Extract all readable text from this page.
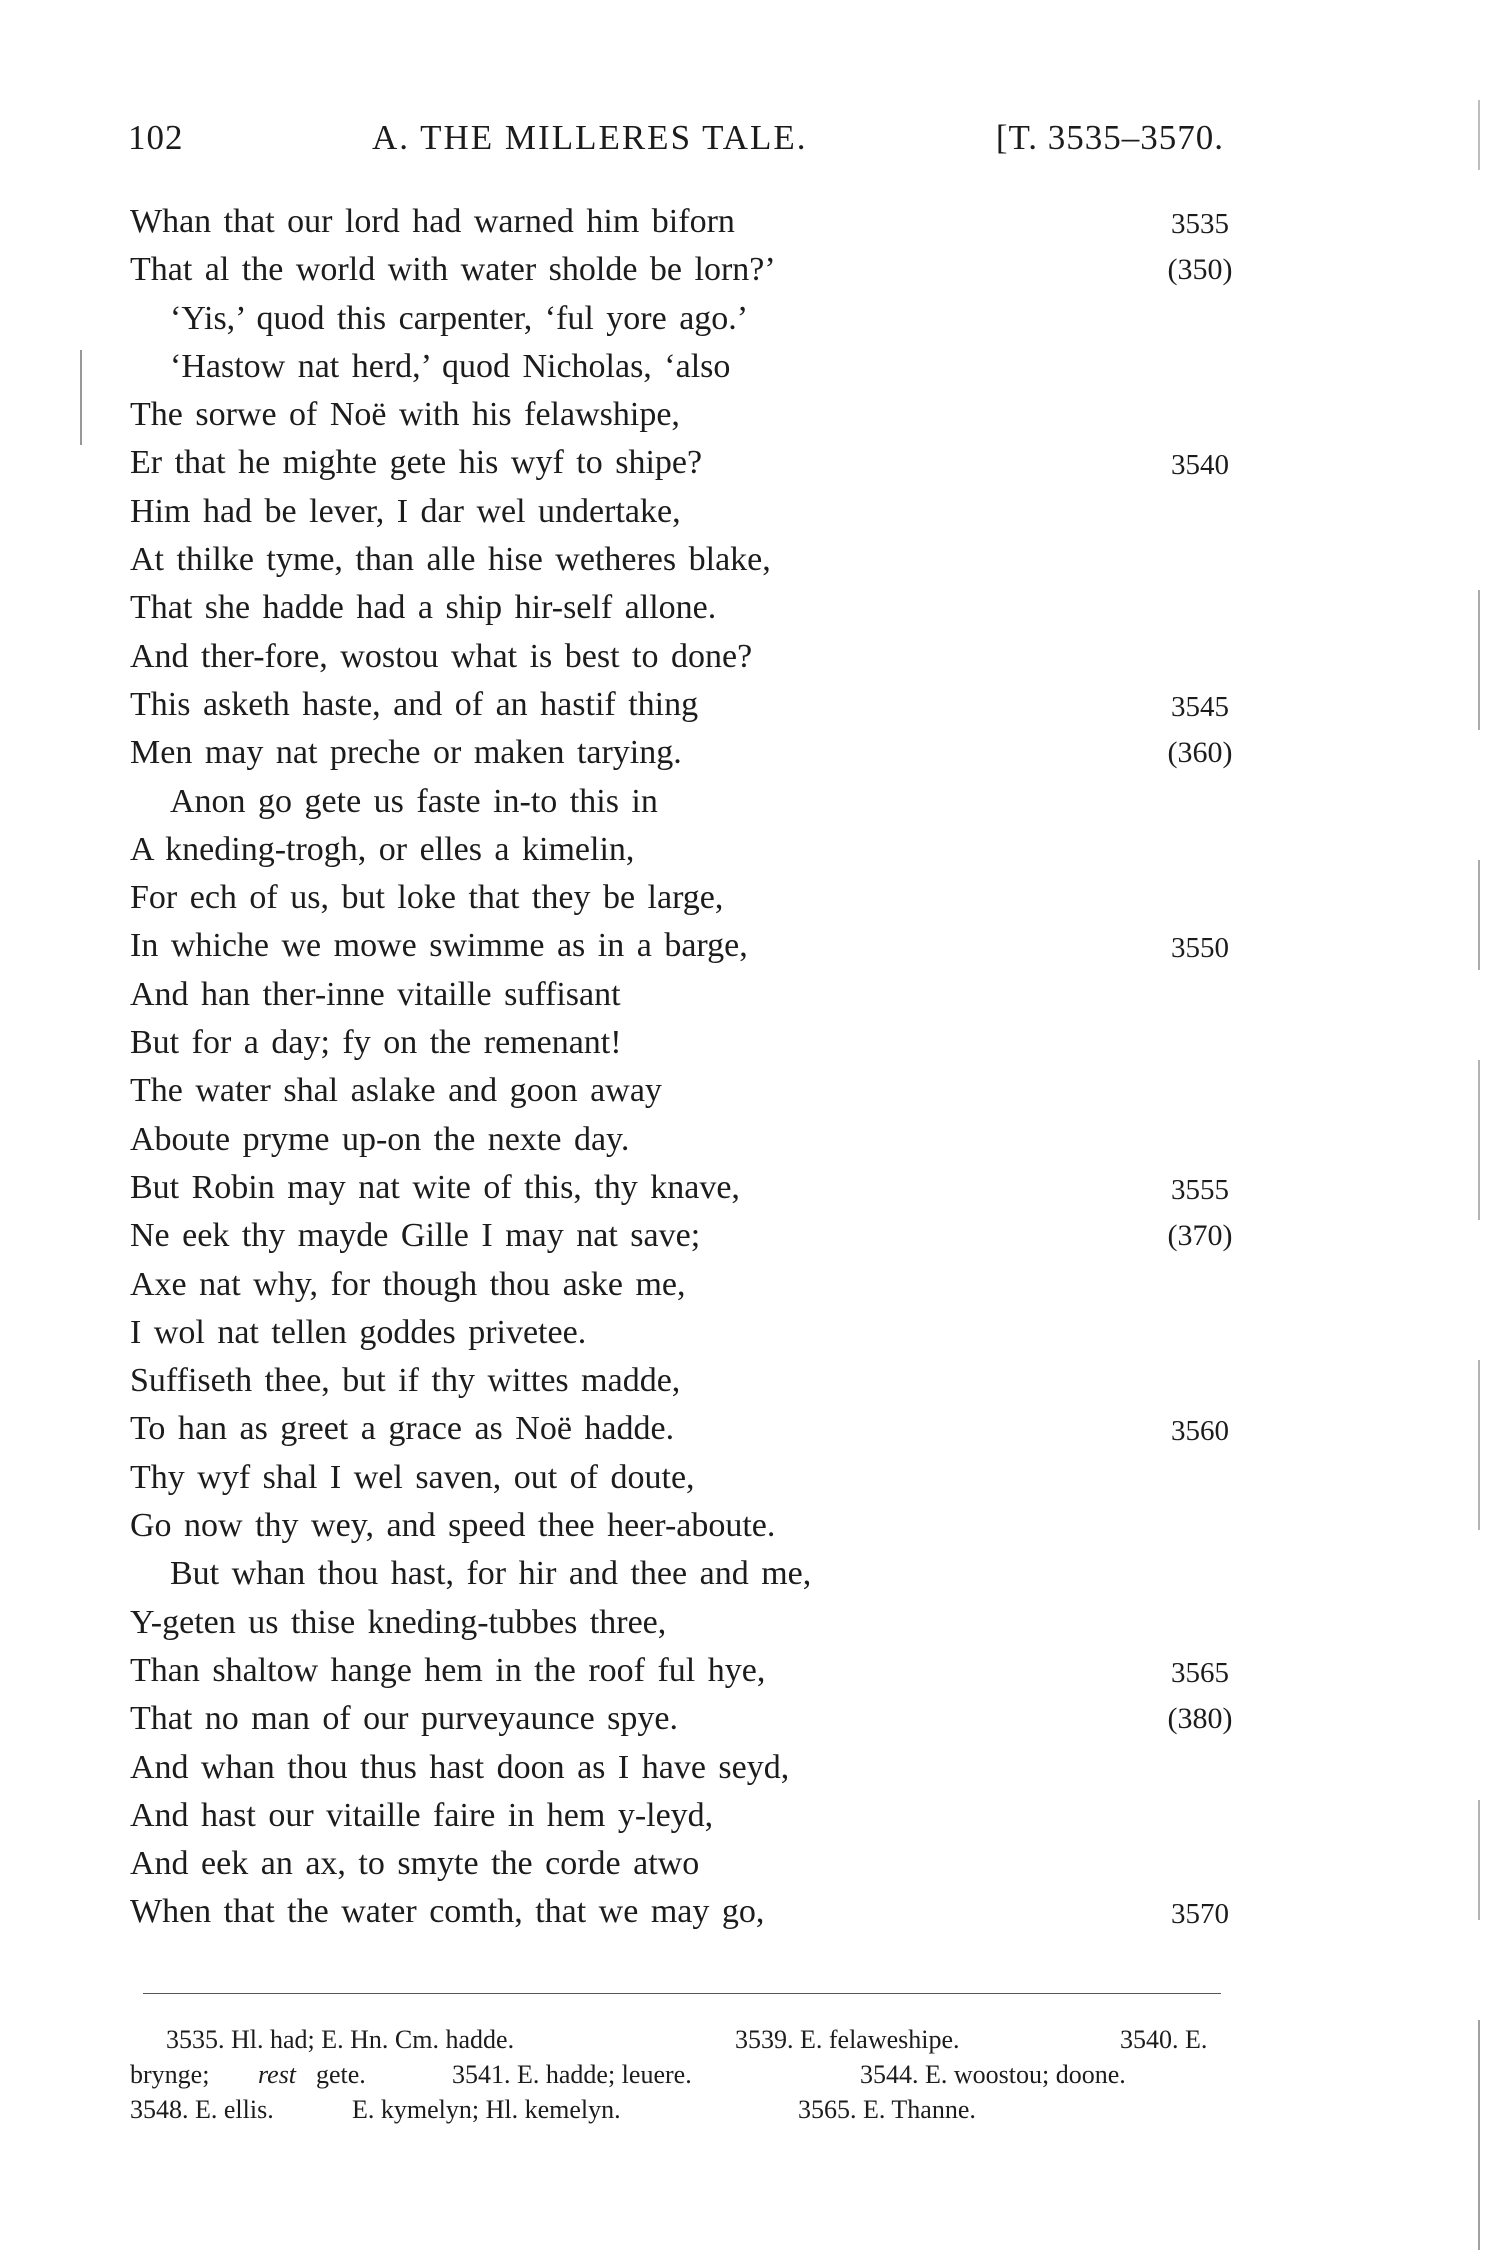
102	A. THE MILLERES TALE.	[T. 3535–3570.
Whan that our lord had warned him biforn	3535
That al the world with water sholde be lorn?’	(350)
‘Yis,’ quod this carpenter, ‘ful yore ago.’
‘Hastow nat herd,’ quod Nicholas, ‘also
The sorwe of Noë with his felawshipe,
Er that he mighte gete his wyf to shipe?	3540
Him had be lever, I dar wel undertake,
At thilke tyme, than alle hise wetheres blake,
That she hadde had a ship hir-self allone.
And ther-fore, wostou what is best to done?
This asketh haste, and of an hastif thing	3545
Men may nat preche or maken tarying.	(360)
Anon go gete us faste in-to this in
A kneding-trogh, or elles a kimelin,
For ech of us, but loke that they be large,
In whiche we mowe swimme as in a barge,	3550
And han ther-inne vitaille suffisant
But for a day; fy on the remenant!
The water shal aslake and goon away
Aboute pryme up-on the nexte day.
But Robin may nat wite of this, thy knave,	3555
Ne eek thy mayde Gille I may nat save;	(370)
Axe nat why, for though thou aske me,
I wol nat tellen goddes privetee.
Suffiseth thee, but if thy wittes madde,
To han as greet a grace as Noë hadde.	3560
Thy wyf shal I wel saven, out of doute,
Go now thy wey, and speed thee heer-aboute.
But whan thou hast, for hir and thee and me,
Y-geten us thise kneding-tubbes three,
Than shaltow hange hem in the roof ful hye,	3565
That no man of our purveyaunce spye.	(380)
And whan thou thus hast doon as I have seyd,
And hast our vitaille faire in hem y-leyd,
And eek an ax, to smyte the corde atwo
When that the water comth, that we may go,	3570
3535. Hl. had; E. Hn. Cm. hadde.	3539. E. felaweshipe.	3540. E.
brynge; rest gete.	3541. E. hadde; leuere.	3544. E. woostou; doone.
3548. E. ellis.	E. kymelyn; Hl. kemelyn.	3565. E. Thanne.
